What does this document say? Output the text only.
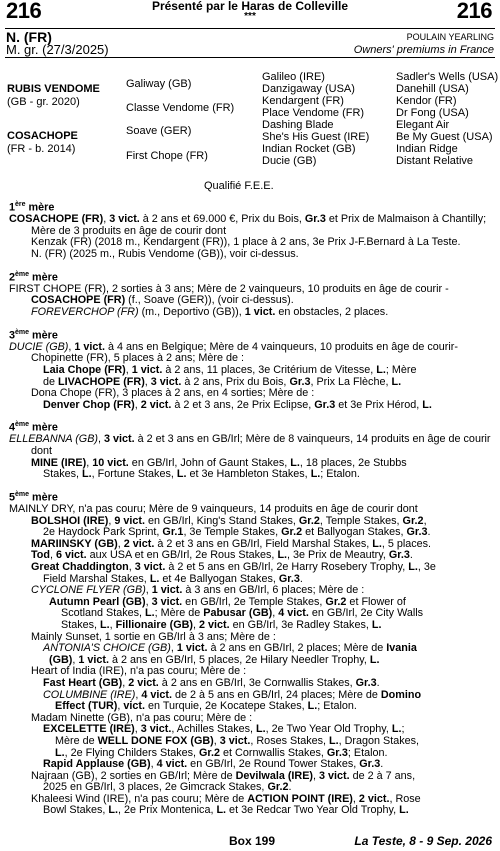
216	216
Présenté par le Haras de Colleville
***
N. (FR)
M. gr. (27/3/2025)
POULAIN YEARLING
Owners' premiums in France
RUBIS VENDOME
(GB - gr. 2020)
COSACHOPE
(FR - b. 2014)
Galiway (GB)
Classe Vendome (FR)
Soave (GER)
First Chope (FR)
Galileo (IRE)
Danzigaway (USA)
Kendargent (FR)
Place Vendome (FR)
Dashing Blade
She's His Guest (IRE)
Indian Rocket (GB)
Ducie (GB)
Sadler's Wells (USA)
Danehill (USA)
Kendor (FR)
Dr Fong (USA)
Elegant Air
Be My Guest (USA)
Indian Ridge
Distant Relative
Qualifié F.E.E.
1ère mère

COSACHOPE (FR), 3 vict. à 2 ans et 69.000 €, Prix du Bois, Gr.3 et Prix de Malmaison à Chantilly; Mère de 3 produits en âge de courir dont

Kenzak (FR) (2018 m., Kendargent (FR)), 1 place à 2 ans, 3e Prix J-F.Bernard à La Teste.

N. (FR) (2025 m., Rubis Vendome (GB)), voir ci-dessus.

2ème mère

FIRST CHOPE (FR), 2 sorties à 3 ans; Mère de 2 vainqueurs, 10 produits en âge de courir -

COSACHOPE (FR) (f., Soave (GER)), (voir ci-dessus).

FOREVERCHOP (FR) (m., Deportivo (GB)), 1 vict. en obstacles, 2 places.

3ème mère

DUCIE (GB), 1 vict. à 4 ans en Belgique; Mère de 4 vainqueurs, 10 produits en âge de courir-

Chopinette (FR), 5 places à 2 ans; Mère de :

Laia Chope (FR), 1 vict. à 2 ans, 11 places, 3e Critérium de Vitesse, L.; Mère

de LIVACHOPE (FR), 3 vict. à 2 ans, Prix du Bois, Gr.3, Prix La Flèche, L.

Dona Chope (FR), 3 places à 2 ans, en 4 sorties; Mère de :

Denver Chop (FR), 2 vict. à 2 et 3 ans, 2e Prix Eclipse, Gr.3 et 3e Prix Hérod, L.

4ème mère

ELLEBANNA (GB), 3 vict. à 2 et 3 ans en GB/Irl; Mère de 8 vainqueurs, 14 produits en âge de courir dont

MINE (IRE), 10 vict. en GB/Irl, John of Gaunt Stakes, L., 18 places, 2e Stubbs

Stakes, L., Fortune Stakes, L. et 3e Hambleton Stakes, L.; Etalon.

5ème mère

MAINLY DRY, n'a pas couru; Mère de 9 vainqueurs, 14 produits en âge de courir dont

BOLSHOI (IRE), 9 vict. en GB/Irl, King's Stand Stakes, Gr.2, Temple Stakes, Gr.2,

2e Haydock Park Sprint, Gr.1, 3e Temple Stakes, Gr.2 et Ballyogan Stakes, Gr.3.

MARIINSKY (GB), 2 vict. à 2 et 3 ans en GB/Irl, Field Marshal Stakes, L., 5 places.

Tod, 6 vict. aux USA et en GB/Irl, 2e Rous Stakes, L., 3e Prix de Meautry, Gr.3.

Great Chaddington, 3 vict. à 2 et 5 ans en GB/Irl, 2e Harry Rosebery Trophy, L., 3e

Field Marshal Stakes, L. et 4e Ballyogan Stakes, Gr.3.

CYCLONE FLYER (GB), 1 vict. à 3 ans en GB/Irl, 6 places; Mère de :

Autumn Pearl (GB), 3 vict. en GB/Irl, 2e Temple Stakes, Gr.2 et Flower of

Scotland Stakes, L.; Mère de Pabusar (GB), 4 vict. en GB/Irl, 2e City Walls

Stakes, L., Fillionaire (GB), 2 vict. en GB/Irl, 3e Radley Stakes, L.

Mainly Sunset, 1 sortie en GB/Irl à 3 ans; Mère de :

ANTONIA'S CHOICE (GB), 1 vict. à 2 ans en GB/Irl, 2 places; Mère de Ivania

(GB), 1 vict. à 2 ans en GB/Irl, 5 places, 2e Hilary Needler Trophy, L.

Heart of India (IRE), n'a pas couru; Mère de :

Fast Heart (GB), 2 vict. à 2 ans en GB/Irl, 3e Cornwallis Stakes, Gr.3.

COLUMBINE (IRE), 4 vict. de 2 à 5 ans en GB/Irl, 24 places; Mère de Domino

Effect (TUR), vict. en Turquie, 2e Kocatepe Stakes, L.; Etalon.

Madam Ninette (GB), n'a pas couru; Mère de :

EXCELETTE (IRE), 3 vict., Achilles Stakes, L., 2e Two Year Old Trophy, L.;

Mère de WELL DONE FOX (GB), 3 vict., Roses Stakes, L., Dragon Stakes,

L., 2e Flying Childers Stakes, Gr.2 et Cornwallis Stakes, Gr.3; Etalon.

Rapid Applause (GB), 4 vict. en GB/Irl, 2e Round Tower Stakes, Gr.3.

Najraan (GB), 2 sorties en GB/Irl; Mère de Devilwala (IRE), 3 vict. de 2 à 7 ans,

2025 en GB/Irl, 3 places, 2e Gimcrack Stakes, Gr.2.

Khaleesi Wind (IRE), n'a pas couru; Mère de ACTION POINT (IRE), 2 vict., Rose

Bowl Stakes, L., 2e Prix Montenica, L. et 3e Redcar Two Year Old Trophy, L.

Box 199	La Teste, 8 - 9 Sep. 2026
